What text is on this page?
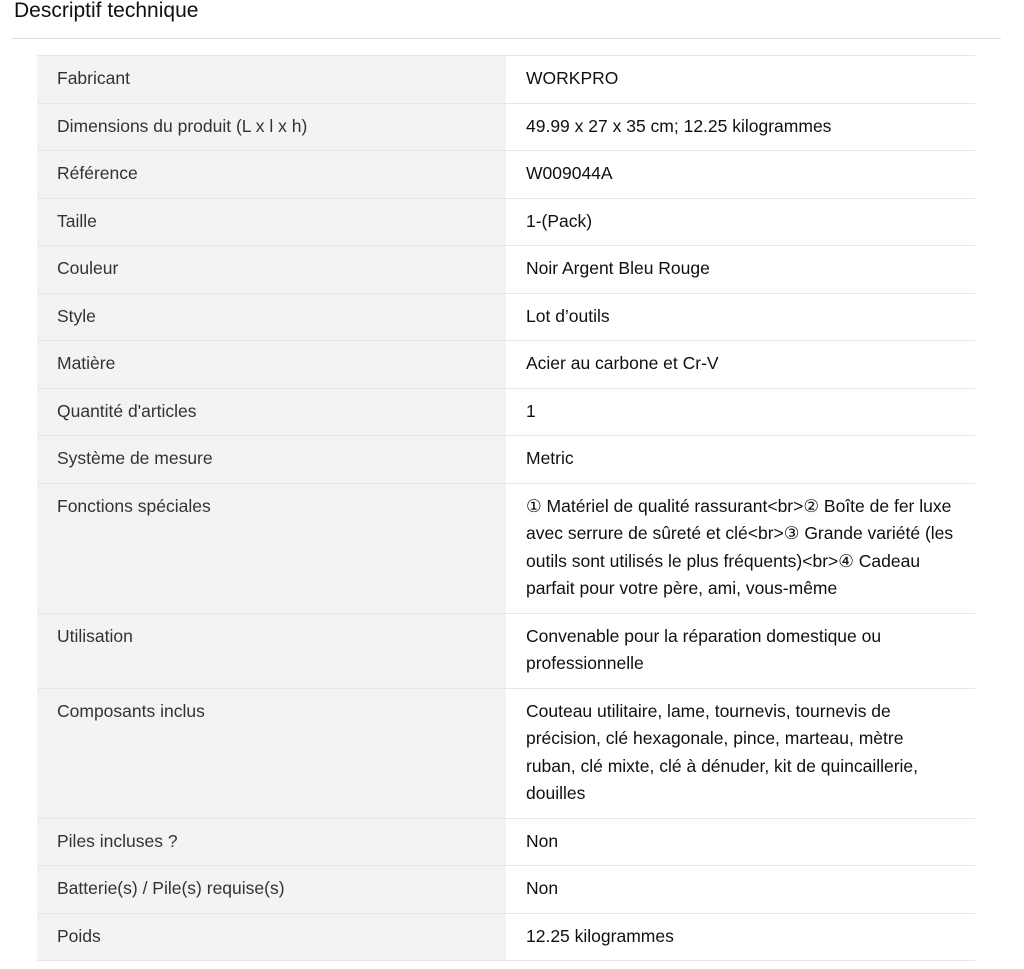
Descriptif technique
Fabricant	WORKPRO
Dimensions du produit (L x l x h)	49.99 x 27 x 35 cm; 12.25 kilogrammes
Référence	W009044A
Taille	1-(Pack)
Couleur	Noir Argent Bleu Rouge
Style	Lot d’outils
Matière	Acier au carbone et Cr-V
Quantité d'articles	1
Système de mesure	Metric
Fonctions spéciales	① Matériel de qualité rassurant<br>② Boîte de fer luxe avec serrure de sûreté et clé<br>③ Grande variété (les outils sont utilisés le plus fréquents)<br>④ Cadeau parfait pour votre père, ami, vous-même
Utilisation	Convenable pour la réparation domestique ou professionnelle
Composants inclus	Couteau utilitaire, lame, tournevis, tournevis de précision, clé hexagonale, pince, marteau, mètre ruban, clé mixte, clé à dénuder, kit de quincaillerie, douilles
Piles incluses ?	Non
Batterie(s) / Pile(s) requise(s)	Non
Poids	12.25 kilogrammes
